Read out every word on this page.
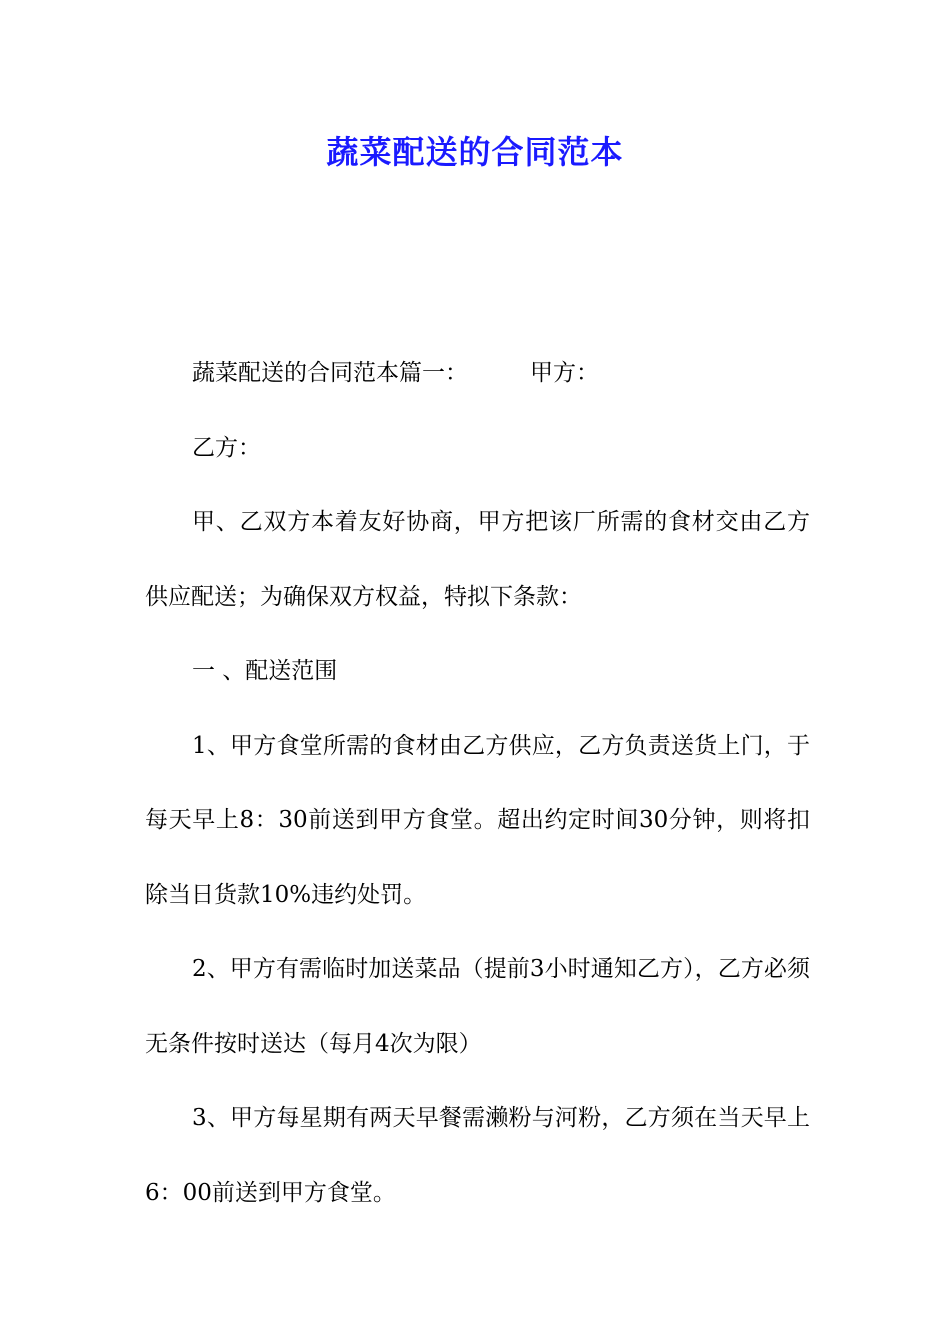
蔬菜配送的合同范本

蔬菜配送的合同范本篇一：	甲方：

乙方：

甲、乙双方本着友好协商，甲方把该厂所需的食材交由乙方供应配送；为确保双方权益，特拟下条款：

一 、配送范围

1、甲方食堂所需的食材由乙方供应，乙方负责送货上门，于每天早上8：30前送到甲方食堂。超出约定时间30分钟，则将扣除当日货款10%违约处罚。

2、甲方有需临时加送菜品（提前3小时通知乙方），乙方必须无条件按时送达（每月4次为限）

3、甲方每星期有两天早餐需濑粉与河粉，乙方须在当天早上6：00前送到甲方食堂。
